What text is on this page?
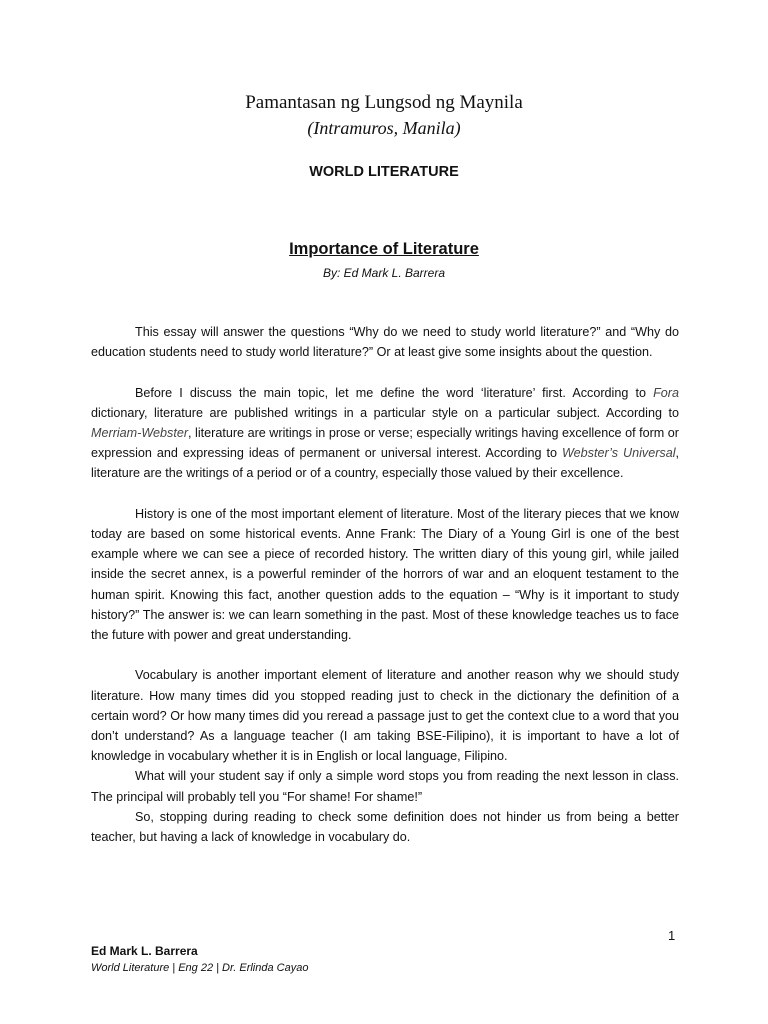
Pamantasan ng Lungsod ng Maynila
(Intramuros, Manila)
WORLD LITERATURE
Importance of Literature
By: Ed Mark L. Barrera

This essay will answer the questions “Why do we need to study world literature?” and “Why do education students need to study world literature?” Or at least give some insights about the question.

Before I discuss the main topic, let me define the word ‘literature’ first. According to Fora dictionary, literature are published writings in a particular style on a particular subject. According to Merriam-Webster, literature are writings in prose or verse; especially writings having excellence of form or expression and expressing ideas of permanent or universal interest. According to Webster’s Universal, literature are the writings of a period or of a country, especially those valued by their excellence.

History is one of the most important element of literature. Most of the literary pieces that we know today are based on some historical events. Anne Frank: The Diary of a Young Girl is one of the best example where we can see a piece of recorded history. The written diary of this young girl, while jailed inside the secret annex, is a powerful reminder of the horrors of war and an eloquent testament to the human spirit. Knowing this fact, another question adds to the equation – “Why is it important to study history?” The answer is: we can learn something in the past. Most of these knowledge teaches us to face the future with power and great understanding.

Vocabulary is another important element of literature and another reason why we should study literature. How many times did you stopped reading just to check in the dictionary the definition of a certain word? Or how many times did you reread a passage just to get the context clue to a word that you don’t understand? As a language teacher (I am taking BSE-Filipino), it is important to have a lot of knowledge in vocabulary whether it is in English or local language, Filipino.

What will your student say if only a simple word stops you from reading the next lesson in class. The principal will probably tell you “For shame! For shame!”

So, stopping during reading to check some definition does not hinder us from being a better teacher, but having a lack of knowledge in vocabulary do.

1
Ed Mark L. Barrera
World Literature | Eng 22 | Dr. Erlinda Cayao
